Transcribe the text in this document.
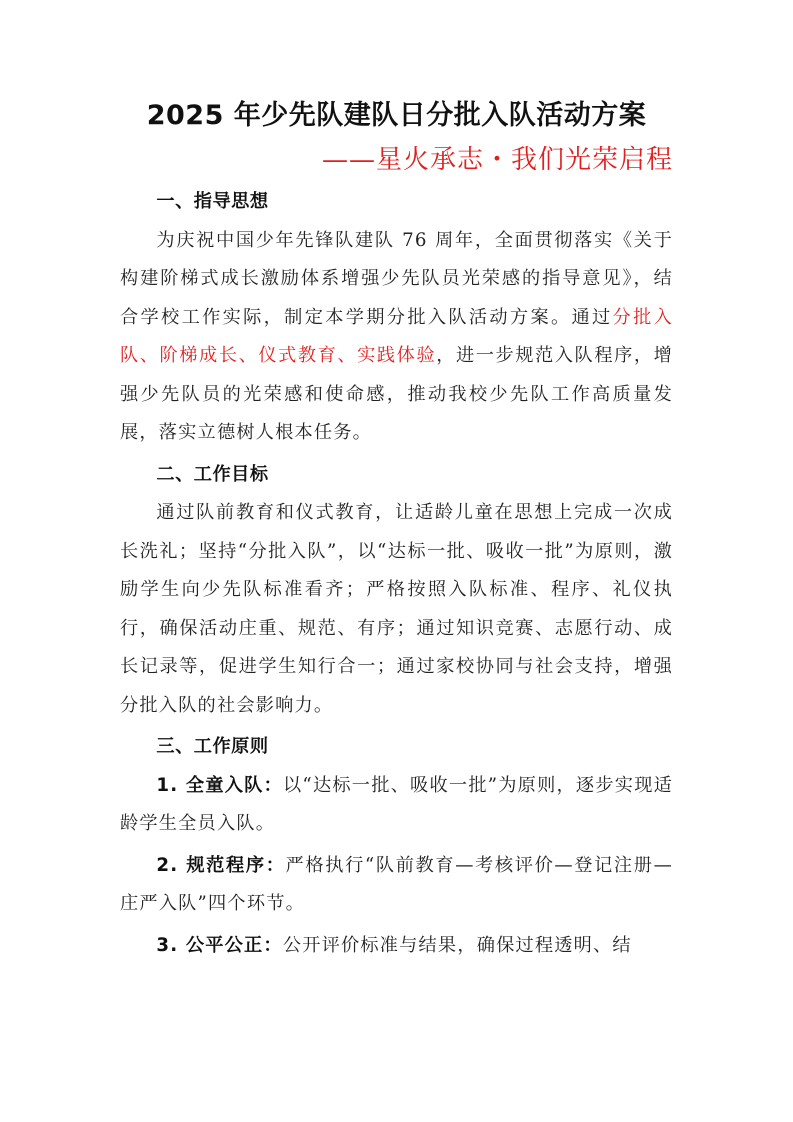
2025 年少先队建队日分批入队活动方案
——星火承志・我们光荣启程
一、指导思想

为庆祝中国少年先锋队建队 76 周年，全面贯彻落实《关于构建阶梯式成长激励体系增强少先队员光荣感的指导意见》，结合学校工作实际，制定本学期分批入队活动方案。通过分批入队、阶梯成长、仪式教育、实践体验，进一步规范入队程序，增强少先队员的光荣感和使命感，推动我校少先队工作高质量发展，落实立德树人根本任务。

二、工作目标

通过队前教育和仪式教育，让适龄儿童在思想上完成一次成长洗礼；坚持“分批入队”，以“达标一批、吸收一批”为原则，激励学生向少先队标准看齐；严格按照入队标准、程序、礼仪执行，确保活动庄重、规范、有序；通过知识竞赛、志愿行动、成长记录等，促进学生知行合一；通过家校协同与社会支持，增强分批入队的社会影响力。

三、工作原则

1. 全童入队：以“达标一批、吸收一批”为原则，逐步实现适龄学生全员入队。

2. 规范程序：严格执行“队前教育—考核评价—登记注册—庄严入队”四个环节。

3. 公平公正：公开评价标准与结果，确保过程透明、结
